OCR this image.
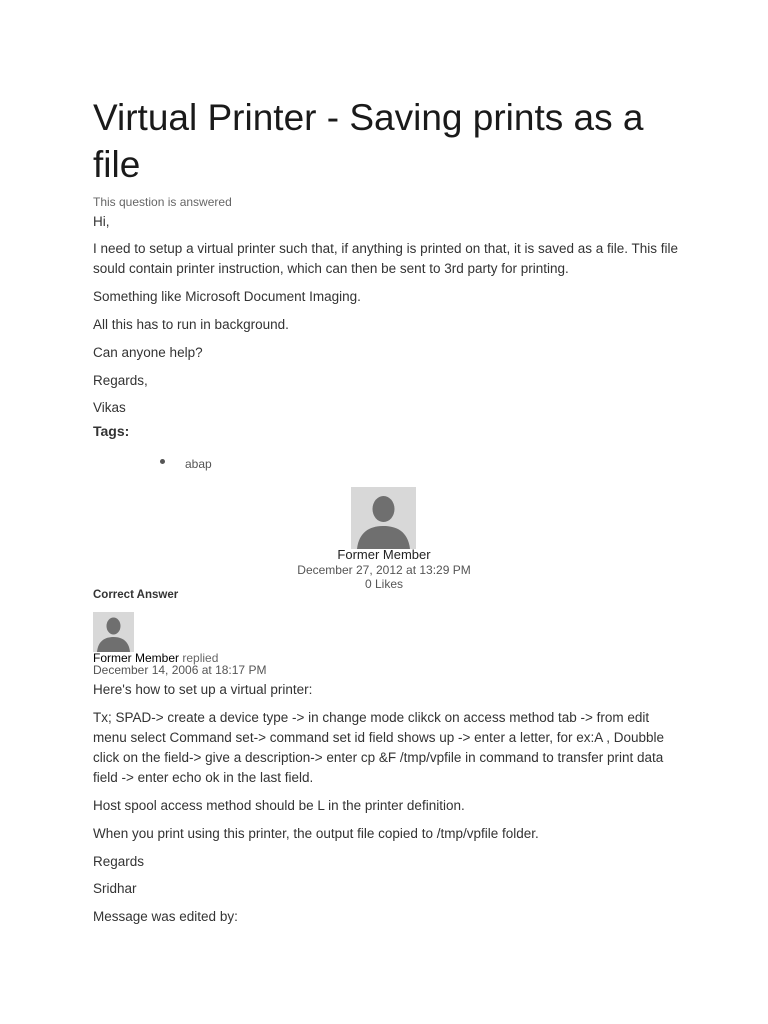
Virtual Printer - Saving prints as a file
This question is answered

Hi,

I need to setup a virtual printer such that, if anything is printed on that, it is saved as a file. This file sould contain printer instruction, which can then be sent to 3rd party for printing.

Something like Microsoft Document Imaging.

All this has to run in background.

Can anyone help?

Regards,

Vikas

Tags:
abap
Former Member
December 27, 2012 at 13:29 PM
0 Likes
Correct Answer
Former Member replied
December 14, 2006 at 18:17 PM

Here's how to set up a virtual printer:

Tx; SPAD-> create a device type -> in change mode clikck on access method tab -> from edit menu select Command set-> command set id field shows up -> enter a letter, for ex:A , Doubble click on the field-> give a description-> enter cp &F /tmp/vpfile in command to transfer print data field -> enter echo ok in the last field.

Host spool access method should be L in the printer definition.

When you print using this printer, the output file copied to /tmp/vpfile folder.

Regards

Sridhar

Message was edited by:
